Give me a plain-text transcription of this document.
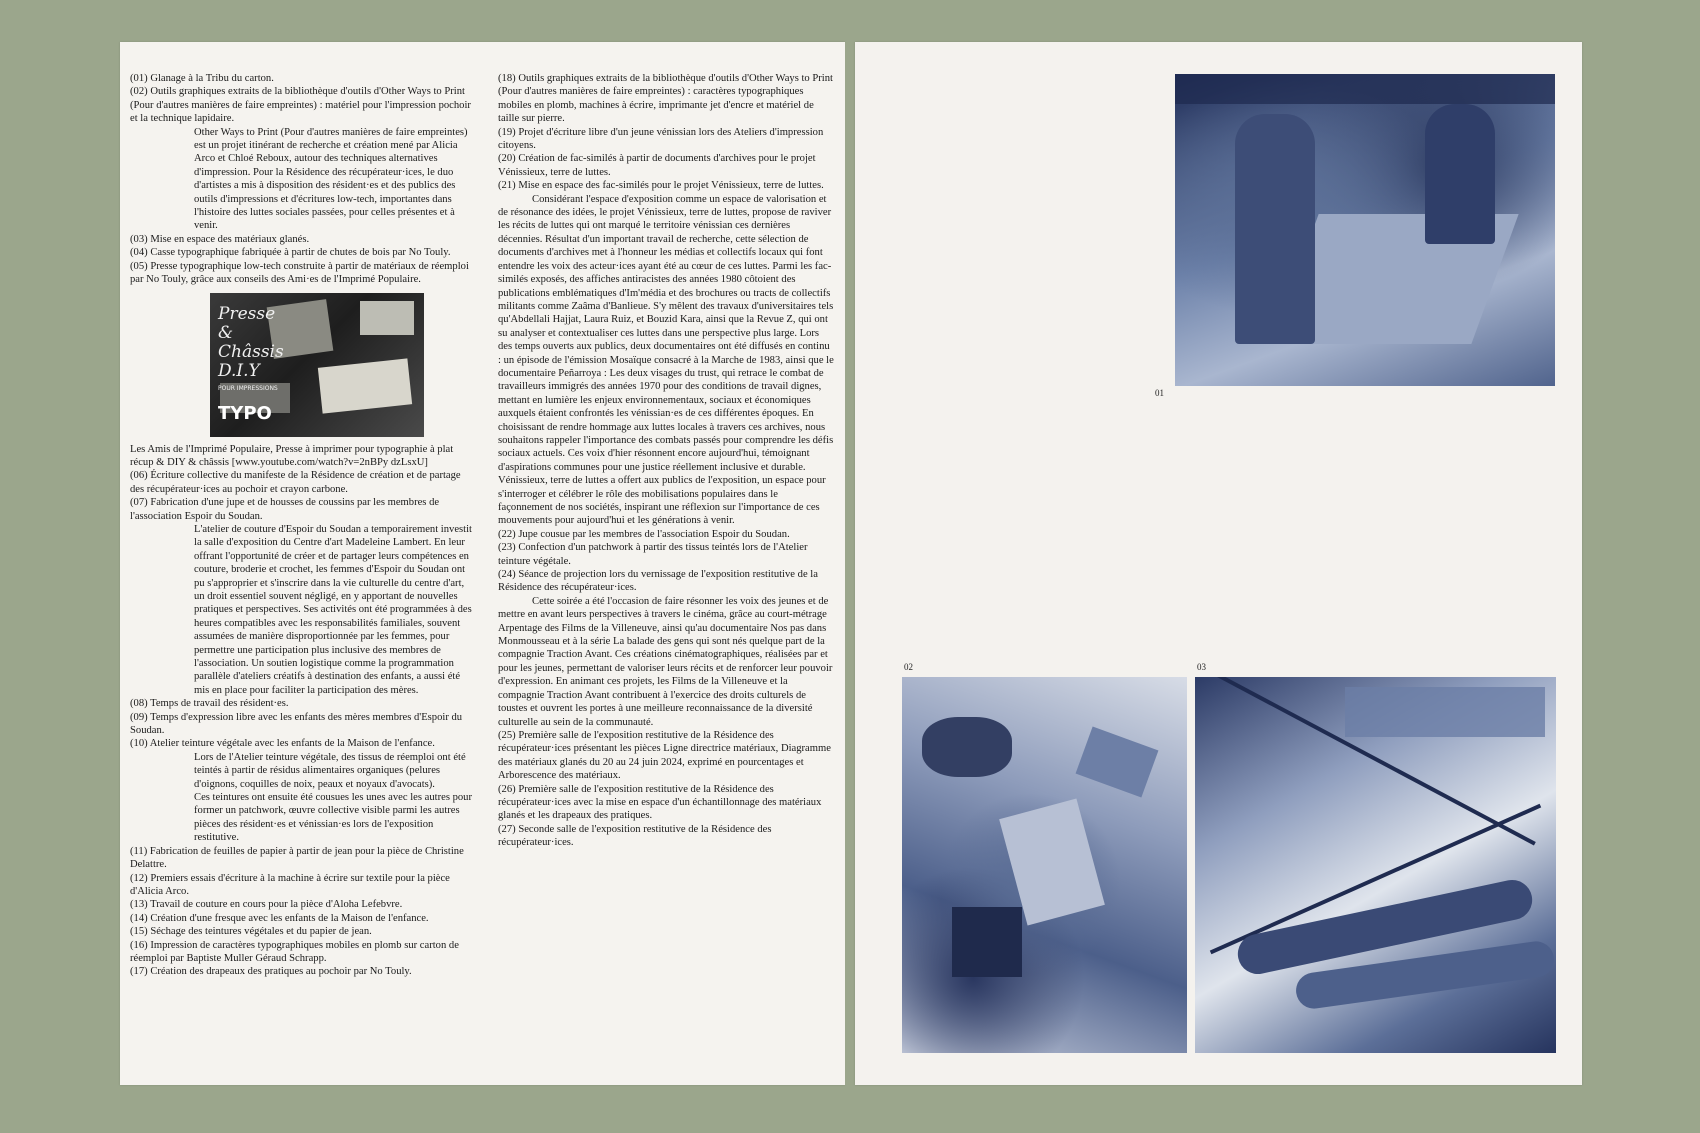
(01) Glanage à la Tribu du carton.

(02) Outils graphiques extraits de la bibliothèque d'outils d'Other Ways to Print (Pour d'autres manières de faire empreintes) : matériel pour l'impression pochoir et la technique lapidaire.

Other Ways to Print (Pour d'autres manières de faire empreintes) est un projet itinérant de recherche et création mené par Alicia Arco et Chloé Reboux, autour des techniques alternatives d'impression. Pour la Résidence des récupérateur·ices, le duo d'artistes a mis à disposition des résident·es et des publics des outils d'impressions et d'écritures low-tech, importantes dans l'histoire des luttes sociales passées, pour celles présentes et à venir.

(03) Mise en espace des matériaux glanés.

(04) Casse typographique fabriquée à partir de chutes de bois par No Touly.

(05) Presse typographique low-tech construite à partir de matériaux de réemploi par No Touly, grâce aux conseils des Ami·es de l'Imprimé Populaire.

Presse & Châssis D.I.Y
POUR IMPRESSIONS
TYPO

Les Amis de l'Imprimé Populaire, Presse à imprimer pour typographie à plat récup & DIY & châssis [www.youtube.com/watch?v=2nBPy dzLsxU]

(06) Écriture collective du manifeste de la Résidence de création et de partage des récupérateur·ices au pochoir et crayon carbone.

(07) Fabrication d'une jupe et de housses de coussins par les membres de l'association Espoir du Soudan.

L'atelier de couture d'Espoir du Soudan a temporairement investit la salle d'exposition du Centre d'art Madeleine Lambert. En leur offrant l'opportunité de créer et de partager leurs compétences en couture, broderie et crochet, les femmes d'Espoir du Soudan ont pu s'approprier et s'inscrire dans la vie culturelle du centre d'art, un droit essentiel souvent négligé, en y apportant de nouvelles pratiques et perspectives. Ses activités ont été programmées à des heures compatibles avec les responsabilités familiales, souvent assumées de manière disproportionnée par les femmes, pour permettre une participation plus inclusive des membres de l'association. Un soutien logistique comme la programmation parallèle d'ateliers créatifs à destination des enfants, a aussi été mis en place pour faciliter la participation des mères.

(08) Temps de travail des résident·es.

(09) Temps d'expression libre avec les enfants des mères membres d'Espoir du Soudan.

(10) Atelier teinture végétale avec les enfants de la Maison de l'enfance.

Lors de l'Atelier teinture végétale, des tissus de réemploi ont été teintés à partir de résidus alimentaires organiques (pelures d'oignons, coquilles de noix, peaux et noyaux d'avocats).

Ces teintures ont ensuite été cousues les unes avec les autres pour former un patchwork, œuvre collective visible parmi les autres pièces des résident·es et vénissian·es lors de l'exposition restitutive.

(11) Fabrication de feuilles de papier à partir de jean pour la pièce de Christine Delattre.

(12) Premiers essais d'écriture à la machine à écrire sur textile pour la pièce d'Alicia Arco.

(13) Travail de couture en cours pour la pièce d'Aloha Lefebvre.

(14) Création d'une fresque avec les enfants de la Maison de l'enfance.

(15) Séchage des teintures végétales et du papier de jean.

(16) Impression de caractères typographiques mobiles en plomb sur carton de réemploi par Baptiste Muller Géraud Schrapp.

(17) Création des drapeaux des pratiques au pochoir par No Touly.

(18) Outils graphiques extraits de la bibliothèque d'outils d'Other Ways to Print (Pour d'autres manières de faire empreintes) : caractères typographiques mobiles en plomb, machines à écrire, imprimante jet d'encre et matériel de taille sur pierre.

(19) Projet d'écriture libre d'un jeune vénissian lors des Ateliers d'impression citoyens.

(20) Création de fac-similés à partir de documents d'archives pour le projet Vénissieux, terre de luttes.

(21) Mise en espace des fac-similés pour le projet Vénissieux, terre de luttes.

Considérant l'espace d'exposition comme un espace de valorisation et de résonance des idées, le projet Vénissieux, terre de luttes, propose de raviver les récits de luttes qui ont marqué le territoire vénissian ces dernières décennies. Résultat d'un important travail de recherche, cette sélection de documents d'archives met à l'honneur les médias et collectifs locaux qui font entendre les voix des acteur·ices ayant été au cœur de ces luttes. Parmi les fac-similés exposés, des affiches antiracistes des années 1980 côtoient des publications emblématiques d'Im'média et des brochures ou tracts de collectifs militants comme Zaâma d'Banlieue. S'y mêlent des travaux d'universitaires tels qu'Abdellali Hajjat, Laura Ruiz, et Bouzid Kara, ainsi que la Revue Z, qui ont su analyser et contextualiser ces luttes dans une perspective plus large. Lors des temps ouverts aux publics, deux documentaires ont été diffusés en continu : un épisode de l'émission Mosaïque consacré à la Marche de 1983, ainsi que le documentaire Peñarroya : Les deux visages du trust, qui retrace le combat de travailleurs immigrés des années 1970 pour des conditions de travail dignes, mettant en lumière les enjeux environnementaux, sociaux et économiques auxquels étaient confrontés les vénissian·es de ces différentes époques. En choisissant de rendre hommage aux luttes locales à travers ces archives, nous souhaitons rappeler l'importance des combats passés pour comprendre les défis sociaux actuels. Ces voix d'hier résonnent encore aujourd'hui, témoignant d'aspirations communes pour une justice réellement inclusive et durable. Vénissieux, terre de luttes a offert aux publics de l'exposition, un espace pour s'interroger et célébrer le rôle des mobilisations populaires dans le façonnement de nos sociétés, inspirant une réflexion sur l'importance de ces mouvements pour aujourd'hui et les générations à venir.

(22) Jupe cousue par les membres de l'association Espoir du Soudan.

(23) Confection d'un patchwork à partir des tissus teintés lors de l'Atelier teinture végétale.

(24) Séance de projection lors du vernissage de l'exposition restitutive de la Résidence des récupérateur·ices.

Cette soirée a été l'occasion de faire résonner les voix des jeunes et de mettre en avant leurs perspectives à travers le cinéma, grâce au court-métrage Arpentage des Films de la Villeneuve, ainsi qu'au documentaire Nos pas dans Monmousseau et à la série La balade des gens qui sont nés quelque part de la compagnie Traction Avant. Ces créations cinématographiques, réalisées par et pour les jeunes, permettant de valoriser leurs récits et de renforcer leur pouvoir d'expression. En animant ces projets, les Films de la Villeneuve et la compagnie Traction Avant contribuent à l'exercice des droits culturels de toustes et ouvrent les portes à une meilleure reconnaissance de la diversité culturelle au sein de la communauté.

(25) Première salle de l'exposition restitutive de la Résidence des récupérateur·ices présentant les pièces Ligne directrice matériaux, Diagramme des matériaux glanés du 20 au 24 juin 2024, exprimé en pourcentages et Arborescence des matériaux.

(26) Première salle de l'exposition restitutive de la Résidence des récupérateur·ices avec la mise en espace d'un échantillonnage des matériaux glanés et les drapeaux des pratiques.

(27) Seconde salle de l'exposition restitutive de la Résidence des récupérateur·ices.

01
02	03
